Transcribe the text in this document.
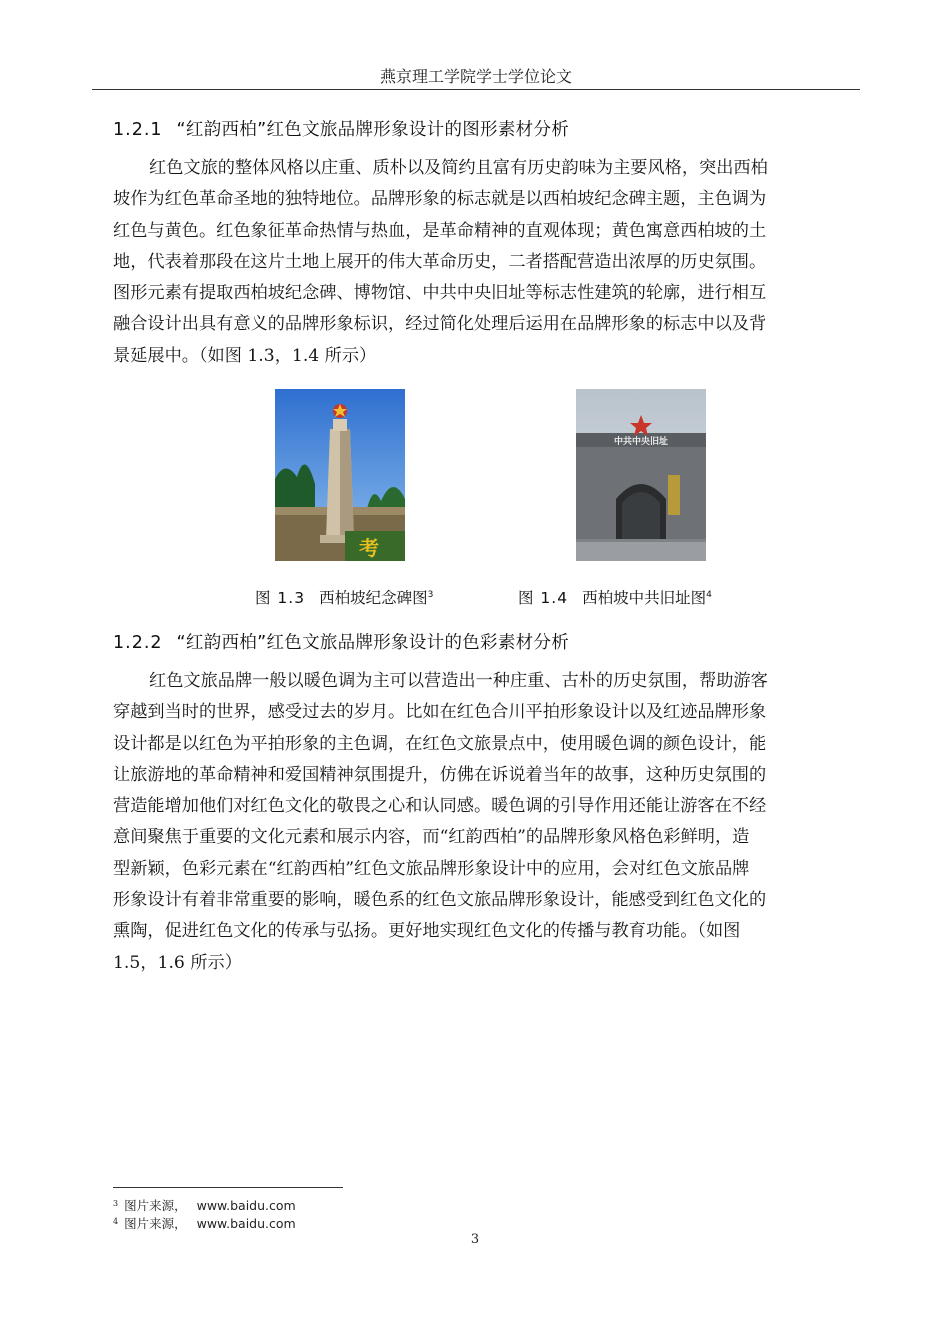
燕京理工学院学士学位论文
1.2.1 “红韵西柏”红色文旅品牌形象设计的图形素材分析
红色文旅的整体风格以庄重、质朴以及简约且富有历史韵味为主要风格，突出西柏
坡作为红色革命圣地的独特地位。品牌形象的标志就是以西柏坡纪念碑主题，主色调为
红色与黄色。红色象征革命热情与热血，是革命精神的直观体现；黄色寓意西柏坡的土
地，代表着那段在这片土地上展开的伟大革命历史，二者搭配营造出浓厚的历史氛围。
图形元素有提取西柏坡纪念碑、博物馆、中共中央旧址等标志性建筑的轮廓，进行相互
融合设计出具有意义的品牌形象标识，经过简化处理后运用在品牌形象的标志中以及背
景延展中。（如图 1.3，1.4 所示）
考
中共中央旧址
图 1.3 西柏坡纪念碑图$^3$	图 1.4 西柏坡中共旧址图$^4$
1.2.2 “红韵西柏”红色文旅品牌形象设计的色彩素材分析
红色文旅品牌一般以暖色调为主可以营造出一种庄重、古朴的历史氛围，帮助游客
穿越到当时的世界，感受过去的岁月。比如在红色合川平拍形象设计以及红迹品牌形象
设计都是以红色为平拍形象的主色调，在红色文旅景点中，使用暖色调的颜色设计，能
让旅游地的革命精神和爱国精神氛围提升，仿佛在诉说着当年的故事，这种历史氛围的
营造能增加他们对红色文化的敬畏之心和认同感。暖色调的引导作用还能让游客在不经
意间聚焦于重要的文化元素和展示内容，而“红韵西柏”的品牌形象风格色彩鲜明，造
型新颖，色彩元素在“红韵西柏”红色文旅品牌形象设计中的应用，会对红色文旅品牌
形象设计有着非常重要的影响，暖色系的红色文旅品牌形象设计，能感受到红色文化的
熏陶，促进红色文化的传承与弘扬。更好地实现红色文化的传播与教育功能。（如图
1.5，1.6 所示）
$^3$ 图片来源， www.baidu.com
$^4$ 图片来源， www.baidu.com
3
